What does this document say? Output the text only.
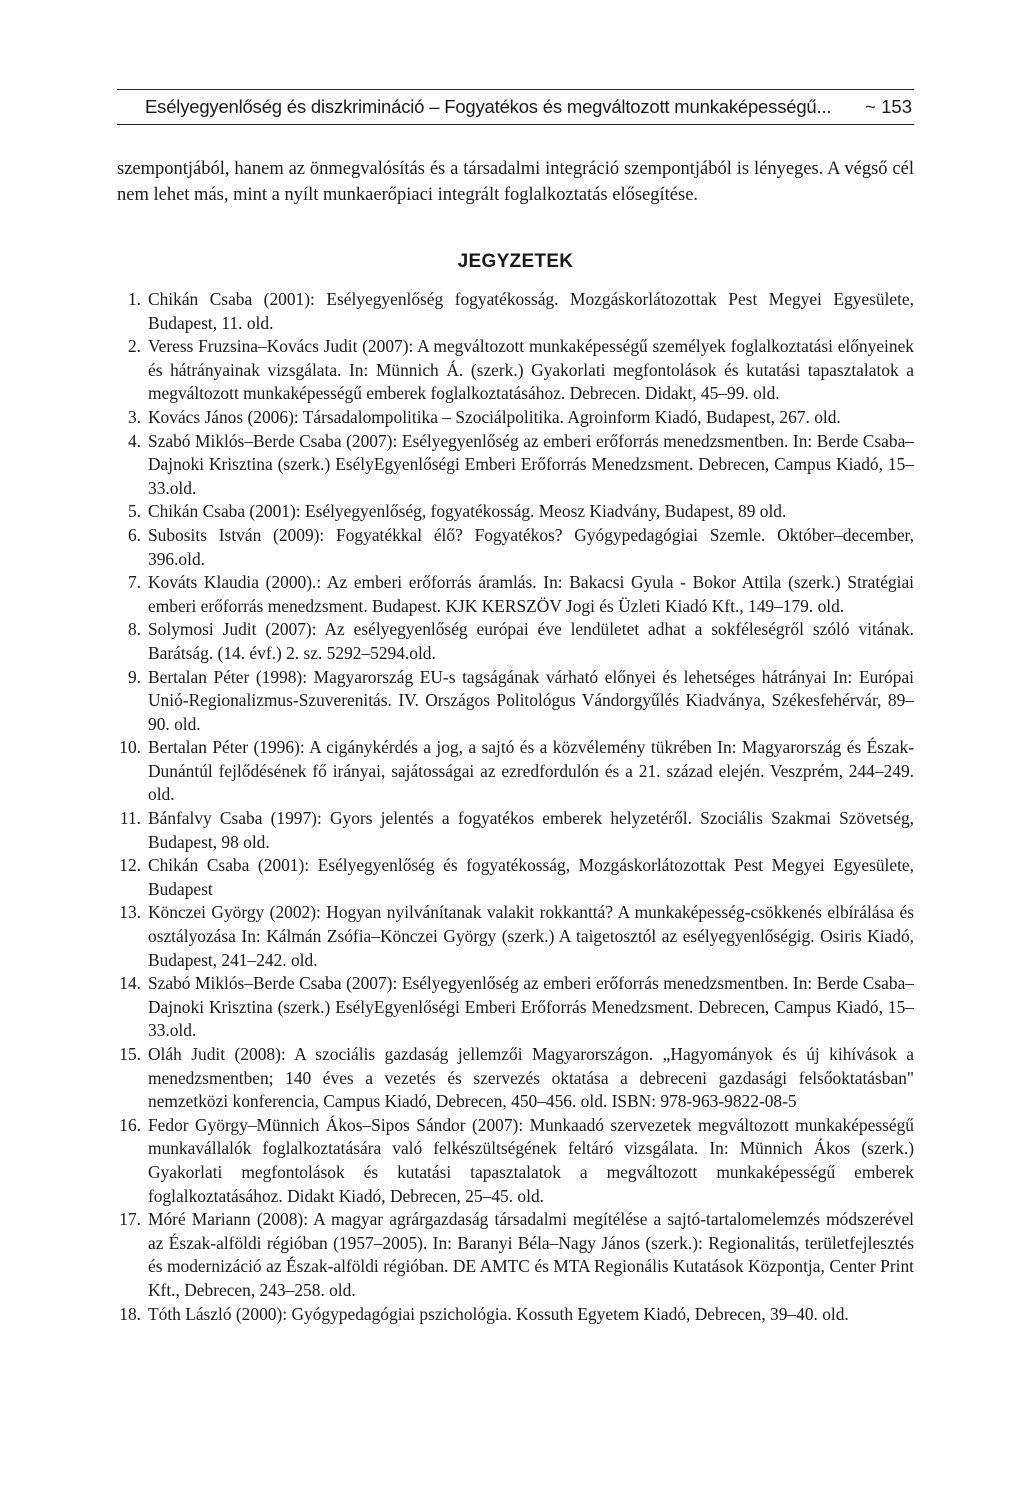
Esélyegyenlőség és diszkrimináció – Fogyatékos és megváltozott munkaképességű... ~ 153

szempontjából, hanem az önmegvalósítás és a társadalmi integráció szempontjából is lényeges. A végső cél nem lehet más, mint a nyílt munkaerőpiaci integrált foglalkoztatás elősegítése.

JEGYZETEK
1. Chikán Csaba (2001): Esélyegyenlőség fogyatékosság. Mozgáskorlátozottak Pest Megyei Egyesülete, Budapest, 11. old.
2. Veress Fruzsina–Kovács Judit (2007): A megváltozott munkaképességű személyek foglalkoztatási előnyeinek és hátrányainak vizsgálata. In: Münnich Á. (szerk.) Gyakorlati megfontolások és kutatási tapasztalatok a megváltozott munkaképességű emberek foglalkoztatásához. Debrecen. Didakt, 45–99. old.
3. Kovács János (2006): Társadalompolitika – Szociálpolitika. Agroinform Kiadó, Budapest, 267. old.
4. Szabó Miklós–Berde Csaba (2007): Esélyegyenlőség az emberi erőforrás menedzsmentben. In: Berde Csaba–Dajnoki Krisztina (szerk.) EsélyEgyenlőségi Emberi Erőforrás Menedzsment. Debrecen, Campus Kiadó, 15–33.old.
5. Chikán Csaba (2001): Esélyegyenlőség, fogyatékosság. Meosz Kiadvány, Budapest, 89 old.
6. Subosits István (2009): Fogyatékkal élő? Fogyatékos? Gyógypedagógiai Szemle. Október–december, 396.old.
7. Kováts Klaudia (2000).: Az emberi erőforrás áramlás. In: Bakacsi Gyula - Bokor Attila (szerk.) Stratégiai emberi erőforrás menedzsment. Budapest. KJK KERSZÖV Jogi és Üzleti Kiadó Kft., 149–179. old.
8. Solymosi Judit (2007): Az esélyegyenlőség európai éve lendületet adhat a sokféleségről szóló vitának. Barátság. (14. évf.) 2. sz. 5292–5294.old.
9. Bertalan Péter (1998): Magyarország EU-s tagságának várható előnyei és lehetséges hátrányai In: Európai Unió-Regionalizmus-Szuverenitás. IV. Országos Politológus Vándorgyűlés Kiadványa, Székesfehérvár, 89–90. old.
10. Bertalan Péter (1996): A cigánykérdés a jog, a sajtó és a közvélemény tükrében In: Magyarország és Észak-Dunántúl fejlődésének fő irányai, sajátosságai az ezredfordulón és a 21. század elején. Veszprém, 244–249. old.
11. Bánfalvy Csaba (1997): Gyors jelentés a fogyatékos emberek helyzetéről. Szociális Szakmai Szövetség, Budapest, 98 old.
12. Chikán Csaba (2001): Esélyegyenlőség és fogyatékosság, Mozgáskorlátozottak Pest Megyei Egyesülete, Budapest
13. Könczei György (2002): Hogyan nyilvánítanak valakit rokkanttá? A munkaképesség-csökkenés elbírálása és osztályozása In: Kálmán Zsófia–Könczei György (szerk.) A taigetosztól az esélyegyenlőségig. Osiris Kiadó, Budapest, 241–242. old.
14. Szabó Miklós–Berde Csaba (2007): Esélyegyenlőség az emberi erőforrás menedzsmentben. In: Berde Csaba–Dajnoki Krisztina (szerk.) EsélyEgyenlőségi Emberi Erőforrás Menedzsment. Debrecen, Campus Kiadó, 15–33.old.
15. Oláh Judit (2008): A szociális gazdaság jellemzői Magyarországon. „Hagyományok és új kihívások a menedzsmentben; 140 éves a vezetés és szervezés oktatása a debreceni gazdasági felsőoktatásban" nemzetközi konferencia, Campus Kiadó, Debrecen, 450–456. old. ISBN: 978-963-9822-08-5
16. Fedor György–Münnich Ákos–Sipos Sándor (2007): Munkaadó szervezetek megváltozott munkaképességű munkavállalók foglalkoztatására való felkészültségének feltáró vizsgálata. In: Münnich Ákos (szerk.) Gyakorlati megfontolások és kutatási tapasztalatok a megváltozott munkaképességű emberek foglalkoztatásához. Didakt Kiadó, Debrecen, 25–45. old.
17. Móré Mariann (2008): A magyar agrárgazdaság társadalmi megítélése a sajtó-tartalomelemzés módszerével az Észak-alföldi régióban (1957–2005). In: Baranyi Béla–Nagy János (szerk.): Regionalitás, területfejlesztés és modernizáció az Észak-alföldi régióban. DE AMTC és MTA Regionális Kutatások Központja, Center Print Kft., Debrecen, 243–258. old.
18. Tóth László (2000): Gyógypedagógiai pszichológia. Kossuth Egyetem Kiadó, Debrecen, 39–40. old.
